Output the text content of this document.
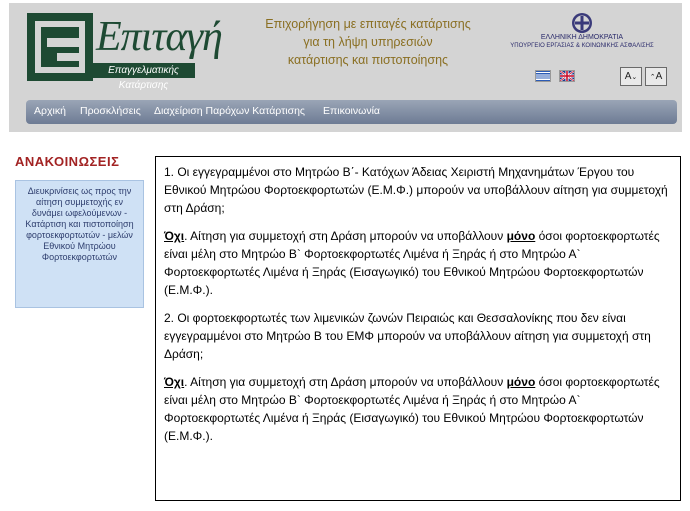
Επιταγή
Επαγγελματικής Κατάρτισης
Επιχορήγηση με επιταγές κατάρτισης
για τη λήψη υπηρεσιών
κατάρτισης και πιστοποίησης
ΕΛΛΗΝΙΚΗ ΔΗΜΟΚΡΑΤΙΑ
ΥΠΟΥΡΓΕΙΟ ΕΡΓΑΣΙΑΣ & ΚΟΙΝΩΝΙΚΗΣ ΑΣΦΑΛΙΣΗΣ
A⌄	⌃A
Αρχική Προσκλήσεις Διαχείριση Παρόχων Κατάρτισης Επικοινωνία
ΑΝΑΚΟΙΝΩΣΕΙΣ
Διευκρινίσεις ως προς την αίτηση συμμετοχής εν δυνάμει ωφελούμενων - Κατάρτιση και πιστοποίηση φορτοεκφορτωτών - μελών Εθνικού Μητρώου Φορτοεκφορτωτών

1. Οι εγγεγραμμένοι στο Μητρώο Β΄- Κατόχων Άδειας Χειριστή Μηχανημάτων Έργου του Εθνικού Μητρώου Φορτοεκφορτωτών (Ε.Μ.Φ.) μπορούν να υποβάλλουν αίτηση για συμμετοχή στη Δράση;

Όχι. Αίτηση για συμμετοχή στη Δράση μπορούν να υποβάλλουν μόνο όσοι φορτοεκφορτωτές είναι μέλη στο Μητρώο Β` Φορτοεκφορτωτές Λιμένα ή Ξηράς ή στο Μητρώο Α` Φορτοεκφορτωτές Λιμένα ή Ξηράς (Εισαγωγικό) του Εθνικού Μητρώου Φορτοεκφορτωτών (Ε.Μ.Φ.).

2. Οι φορτοεκφορτωτές των λιμενικών ζωνών Πειραιώς και Θεσσαλονίκης που δεν είναι εγγεγραμμένοι στο Μητρώο Β του ΕΜΦ μπορούν να υποβάλλουν αίτηση για συμμετοχή στη Δράση;

Όχι. Αίτηση για συμμετοχή στη Δράση μπορούν να υποβάλλουν μόνο όσοι φορτοεκφορτωτές είναι μέλη στο Μητρώο Β` Φορτοεκφορτωτές Λιμένα ή Ξηράς ή στο Μητρώο Α` Φορτοεκφορτωτές Λιμένα ή Ξηράς (Εισαγωγικό) του Εθνικού Μητρώου Φορτοεκφορτωτών (Ε.Μ.Φ.).
